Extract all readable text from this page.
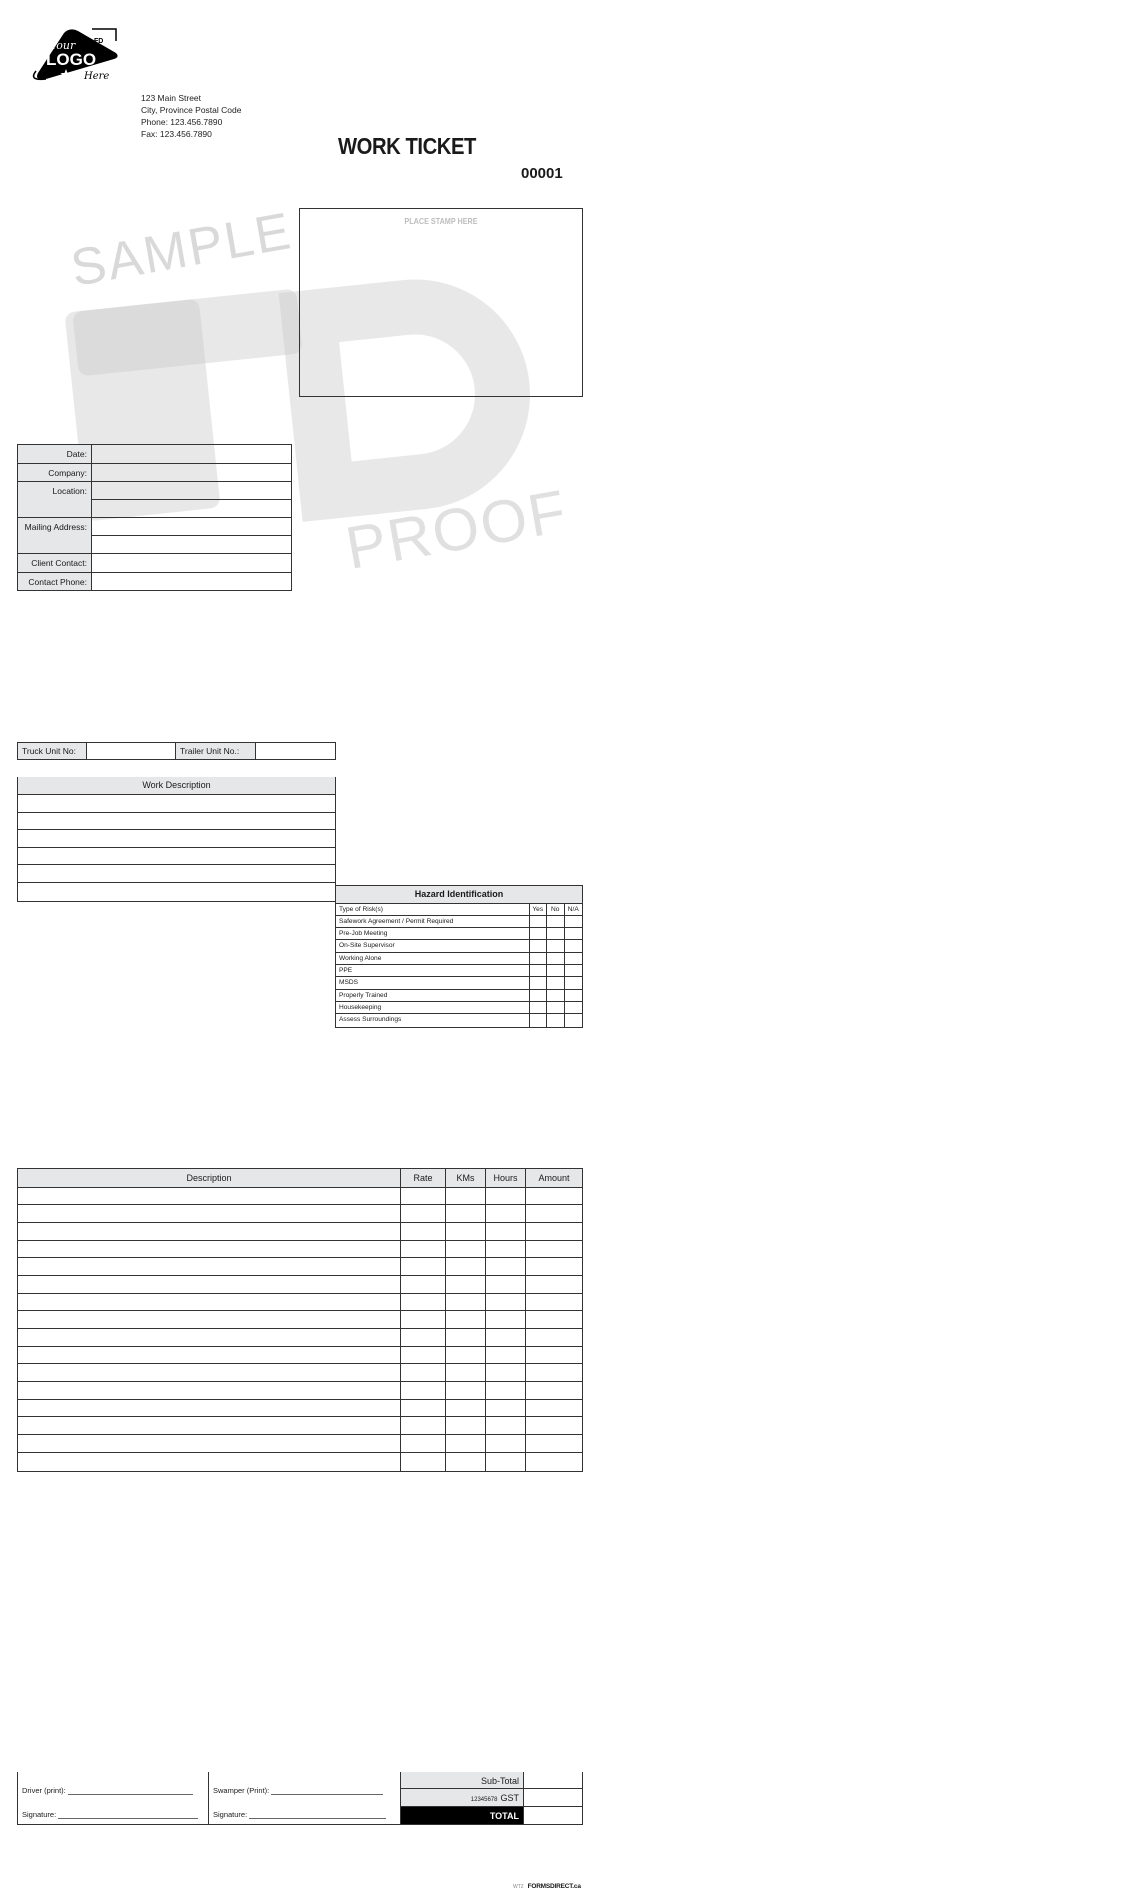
SAMPLE
PROOF
Your	FD
LOGO
Here
123 Main Street
City, Province Postal Code
Phone: 123.456.7890
Fax: 123.456.7890	WORK TICKET
00001
PLACE STAMP HERE
Date:
Company:
Location:
Mailing Address:
Client Contact:
Contact Phone:
Truck Unit No:	Trailer Unit No.:
Work Description
Hazard Identification
Type of Risk(s)	Yes	No	N/A
Safework Agreement / Permit Required
Pre-Job Meeting
On-Site Supervisor
Working Alone
PPE
MSDS
Properly Trained
Housekeeping
Assess Surroundings
Description	Rate	KMs	Hours	Amount
Driver (print):
Signature:
Swamper (Print):
Signature:
Sub-Total
12345678 GST
TOTAL
WT2 FORMSDIRECT.ca
